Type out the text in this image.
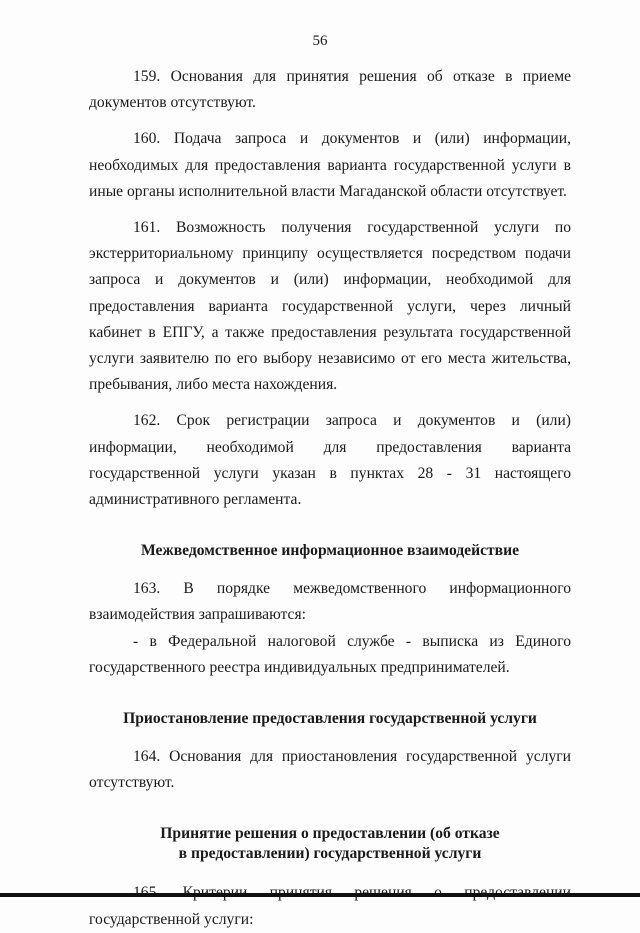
56

159. Основания для принятия решения об отказе в приеме документов отсутствуют.

160. Подача запроса и документов и (или) информации, необходимых для предоставления варианта государственной услуги в иные органы исполнительной власти Магаданской области отсутствует.

161. Возможность получения государственной услуги по экстерриториальному принципу осуществляется посредством подачи запроса и документов и (или) информации, необходимой для предоставления варианта государственной услуги, через личный кабинет в ЕПГУ, а также предоставления результата государственной услуги заявителю по его выбору независимо от его места жительства, пребывания, либо места нахождения.

162. Срок регистрации запроса и документов и (или) информации, необходимой для предоставления варианта государственной услуги указан в пунктах 28 - 31 настоящего административного регламента.

Межведомственное информационное взаимодействие

163. В порядке межведомственного информационного взаимодействия запрашиваются:

- в Федеральной налоговой службе - выписка из Единого государственного реестра индивидуальных предпринимателей.

Приостановление предоставления государственной услуги

164. Основания для приостановления государственной услуги отсутствуют.

Принятие решения о предоставлении (об отказе
в предоставлении) государственной услуги

государственной услуги:
